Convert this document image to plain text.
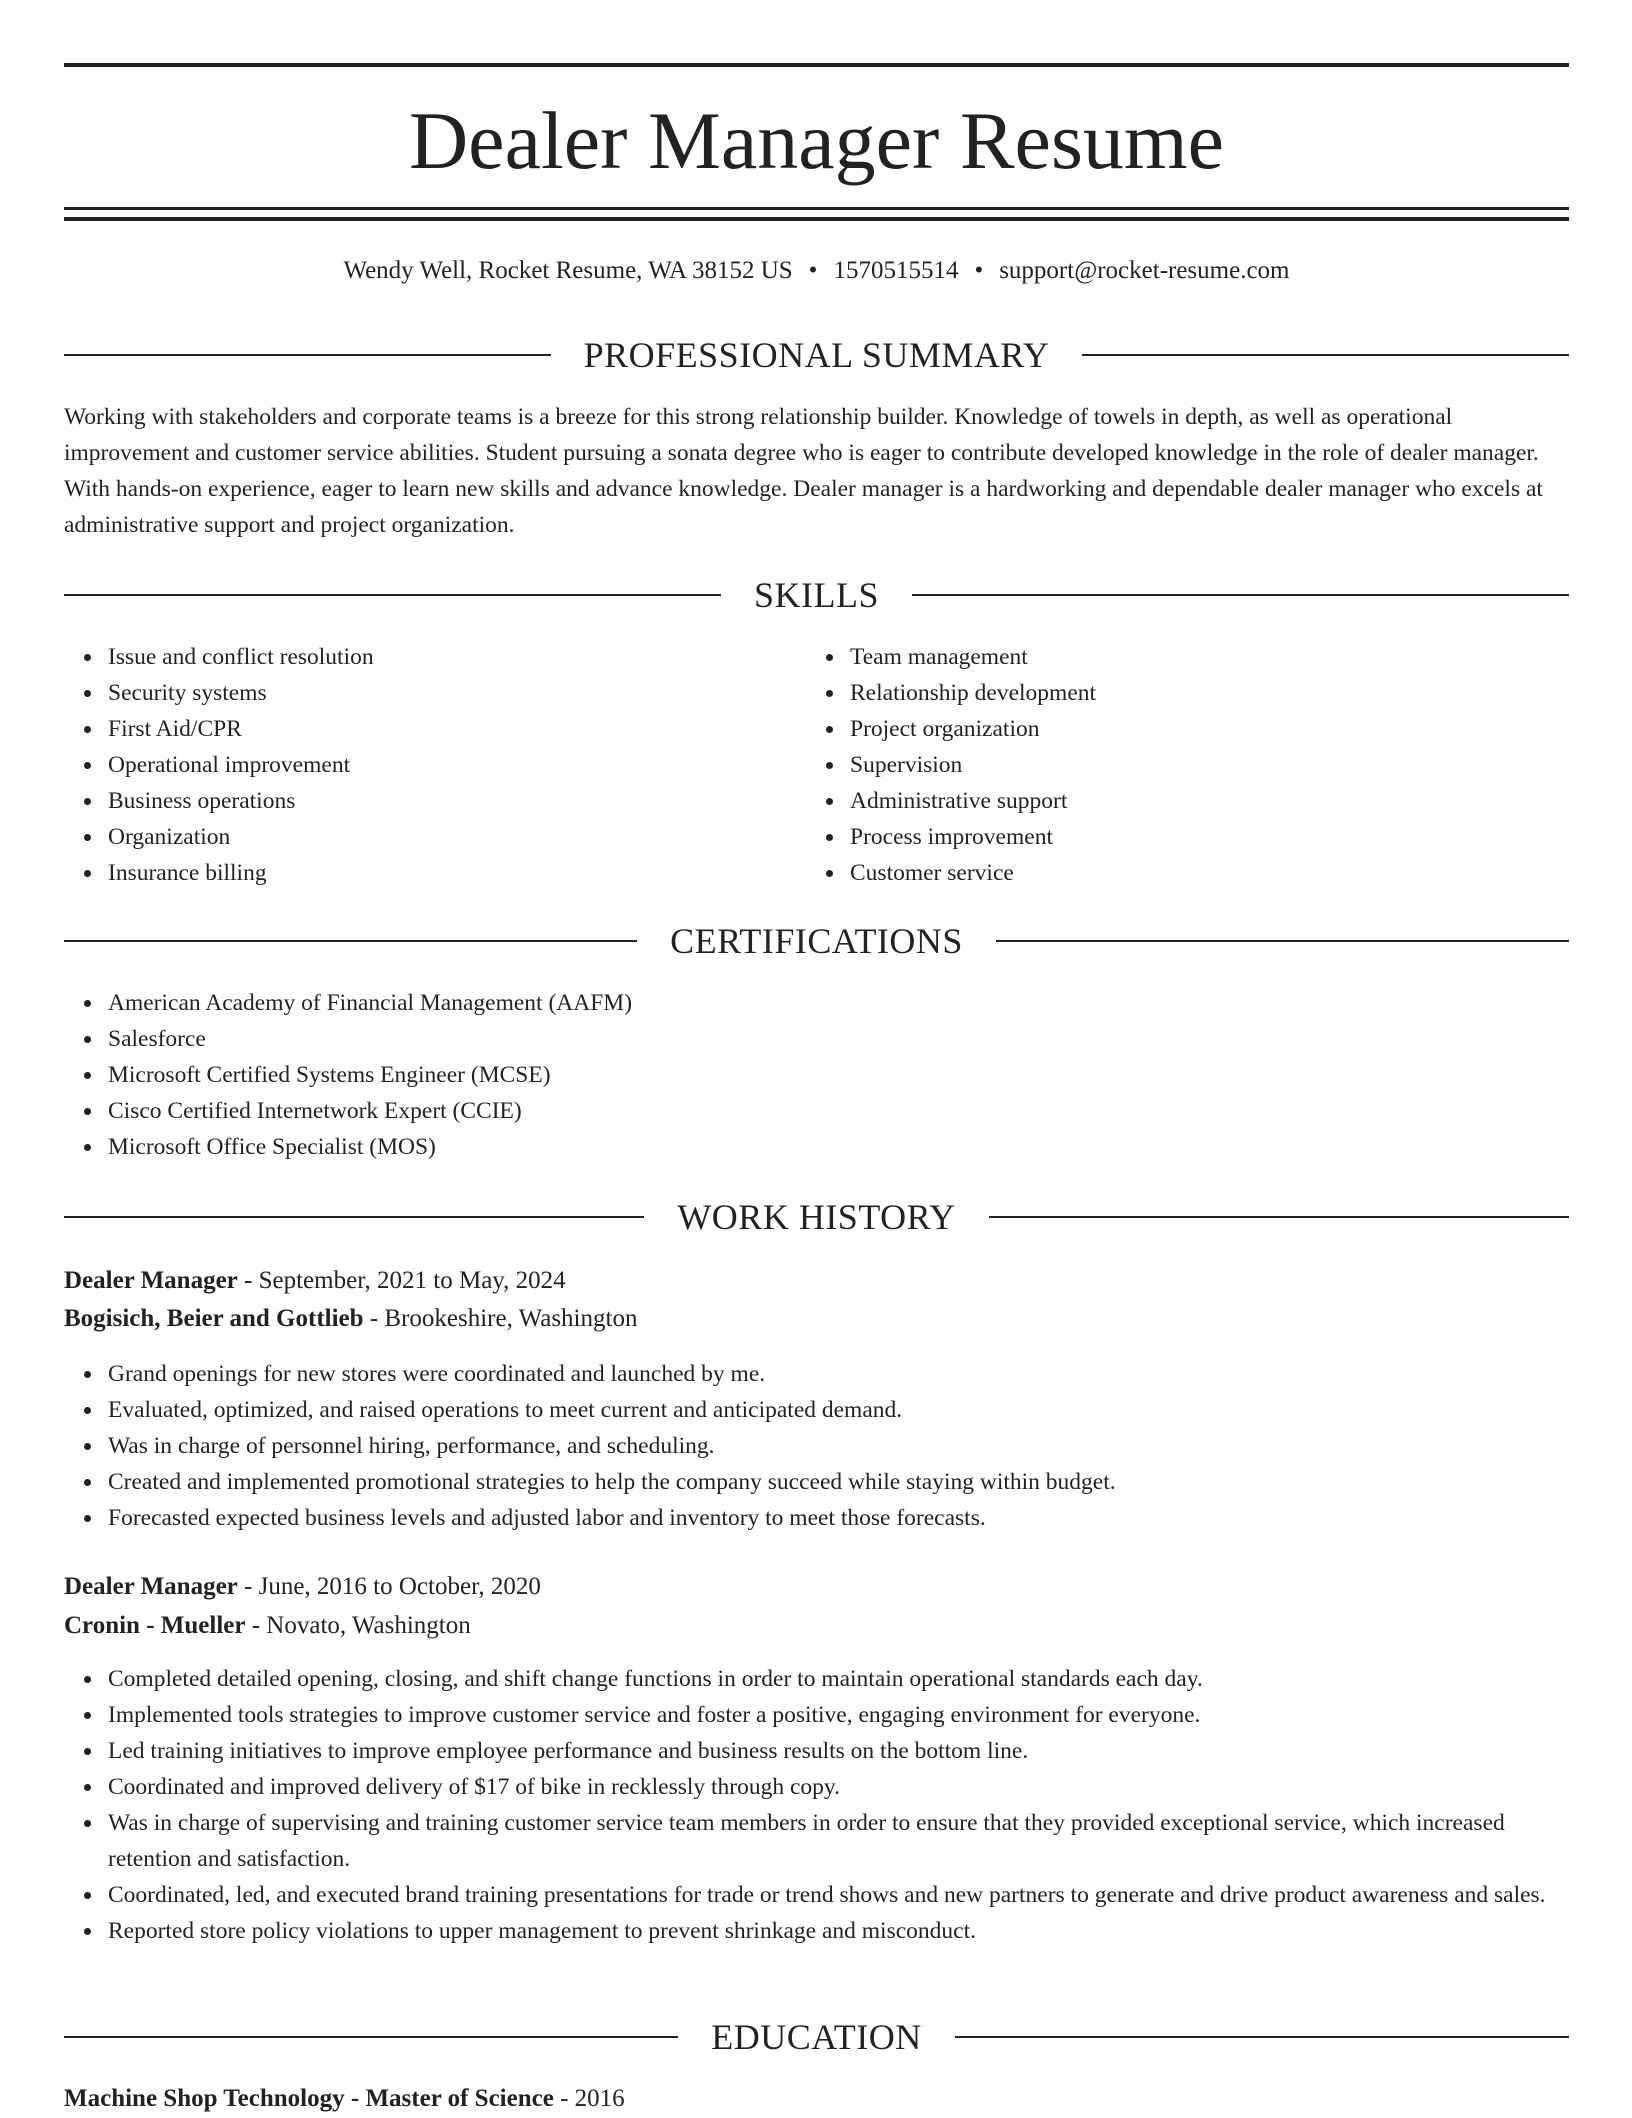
Dealer Manager Resume
Wendy Well, Rocket Resume, WA 38152 US • 1570515514 • support@rocket-resume.com
PROFESSIONAL SUMMARY

Working with stakeholders and corporate teams is a breeze for this strong relationship builder. Knowledge of towels in depth, as well as operational improvement and customer service abilities. Student pursuing a sonata degree who is eager to contribute developed knowledge in the role of dealer manager. With hands-on experience, eager to learn new skills and advance knowledge. Dealer manager is a hardworking and dependable dealer manager who excels at administrative support and project organization.

SKILLS
Issue and conflict resolution
Security systems
First Aid/CPR
Operational improvement
Business operations
Organization
Insurance billing
Team management
Relationship development
Project organization
Supervision
Administrative support
Process improvement
Customer service
CERTIFICATIONS
American Academy of Financial Management (AAFM)
Salesforce
Microsoft Certified Systems Engineer (MCSE)
Cisco Certified Internetwork Expert (CCIE)
Microsoft Office Specialist (MOS)
WORK HISTORY
Dealer Manager - September, 2021 to May, 2024
Bogisich, Beier and Gottlieb - Brookeshire, Washington
Grand openings for new stores were coordinated and launched by me.
Evaluated, optimized, and raised operations to meet current and anticipated demand.
Was in charge of personnel hiring, performance, and scheduling.
Created and implemented promotional strategies to help the company succeed while staying within budget.
Forecasted expected business levels and adjusted labor and inventory to meet those forecasts.
Dealer Manager - June, 2016 to October, 2020
Cronin - Mueller - Novato, Washington
Completed detailed opening, closing, and shift change functions in order to maintain operational standards each day.
Implemented tools strategies to improve customer service and foster a positive, engaging environment for everyone.
Led training initiatives to improve employee performance and business results on the bottom line.
Coordinated and improved delivery of $17 of bike in recklessly through copy.
Was in charge of supervising and training customer service team members in order to ensure that they provided exceptional service, which increased retention and satisfaction.
Coordinated, led, and executed brand training presentations for trade or trend shows and new partners to generate and drive product awareness and sales.
Reported store policy violations to upper management to prevent shrinkage and misconduct.
EDUCATION
Machine Shop Technology - Master of Science - 2016
